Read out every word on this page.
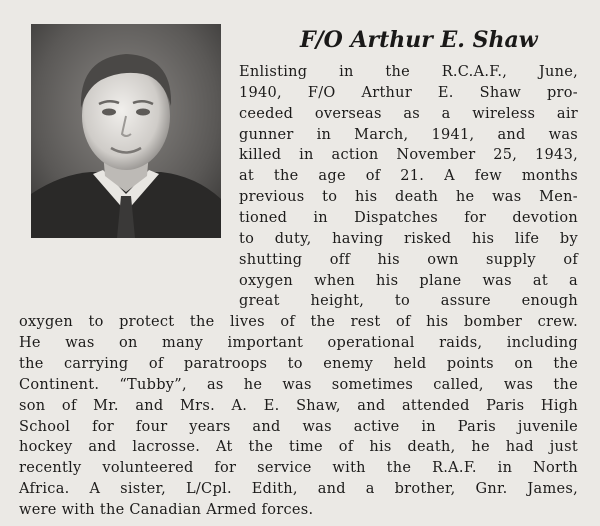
F/O Arthur E. Shaw
Enlisting in the R.C.A.F., June,
1940, F/O Arthur E. Shaw pro-
ceeded overseas as a wireless air
gunner in March, 1941, and was
killed in action November 25, 1943,
at the age of 21. A few months
previous to his death he was Men-
tioned in Dispatches for devotion
to duty, having risked his life by
shutting off his own supply of
oxygen when his plane was at a
great height, to assure enough
oxygen to protect the lives of the rest of his bomber crew.
He was on many important operational raids, including
the carrying of paratroops to enemy held points on the
Continent. “Tubby”, as he was sometimes called, was the
son of Mr. and Mrs. A. E. Shaw, and attended Paris High
School for four years and was active in Paris juvenile
hockey and lacrosse. At the time of his death, he had just
recently volunteered for service with the R.A.F. in North
Africa. A sister, L/Cpl. Edith, and a brother, Gnr. James,
were with the Canadian Armed forces.
